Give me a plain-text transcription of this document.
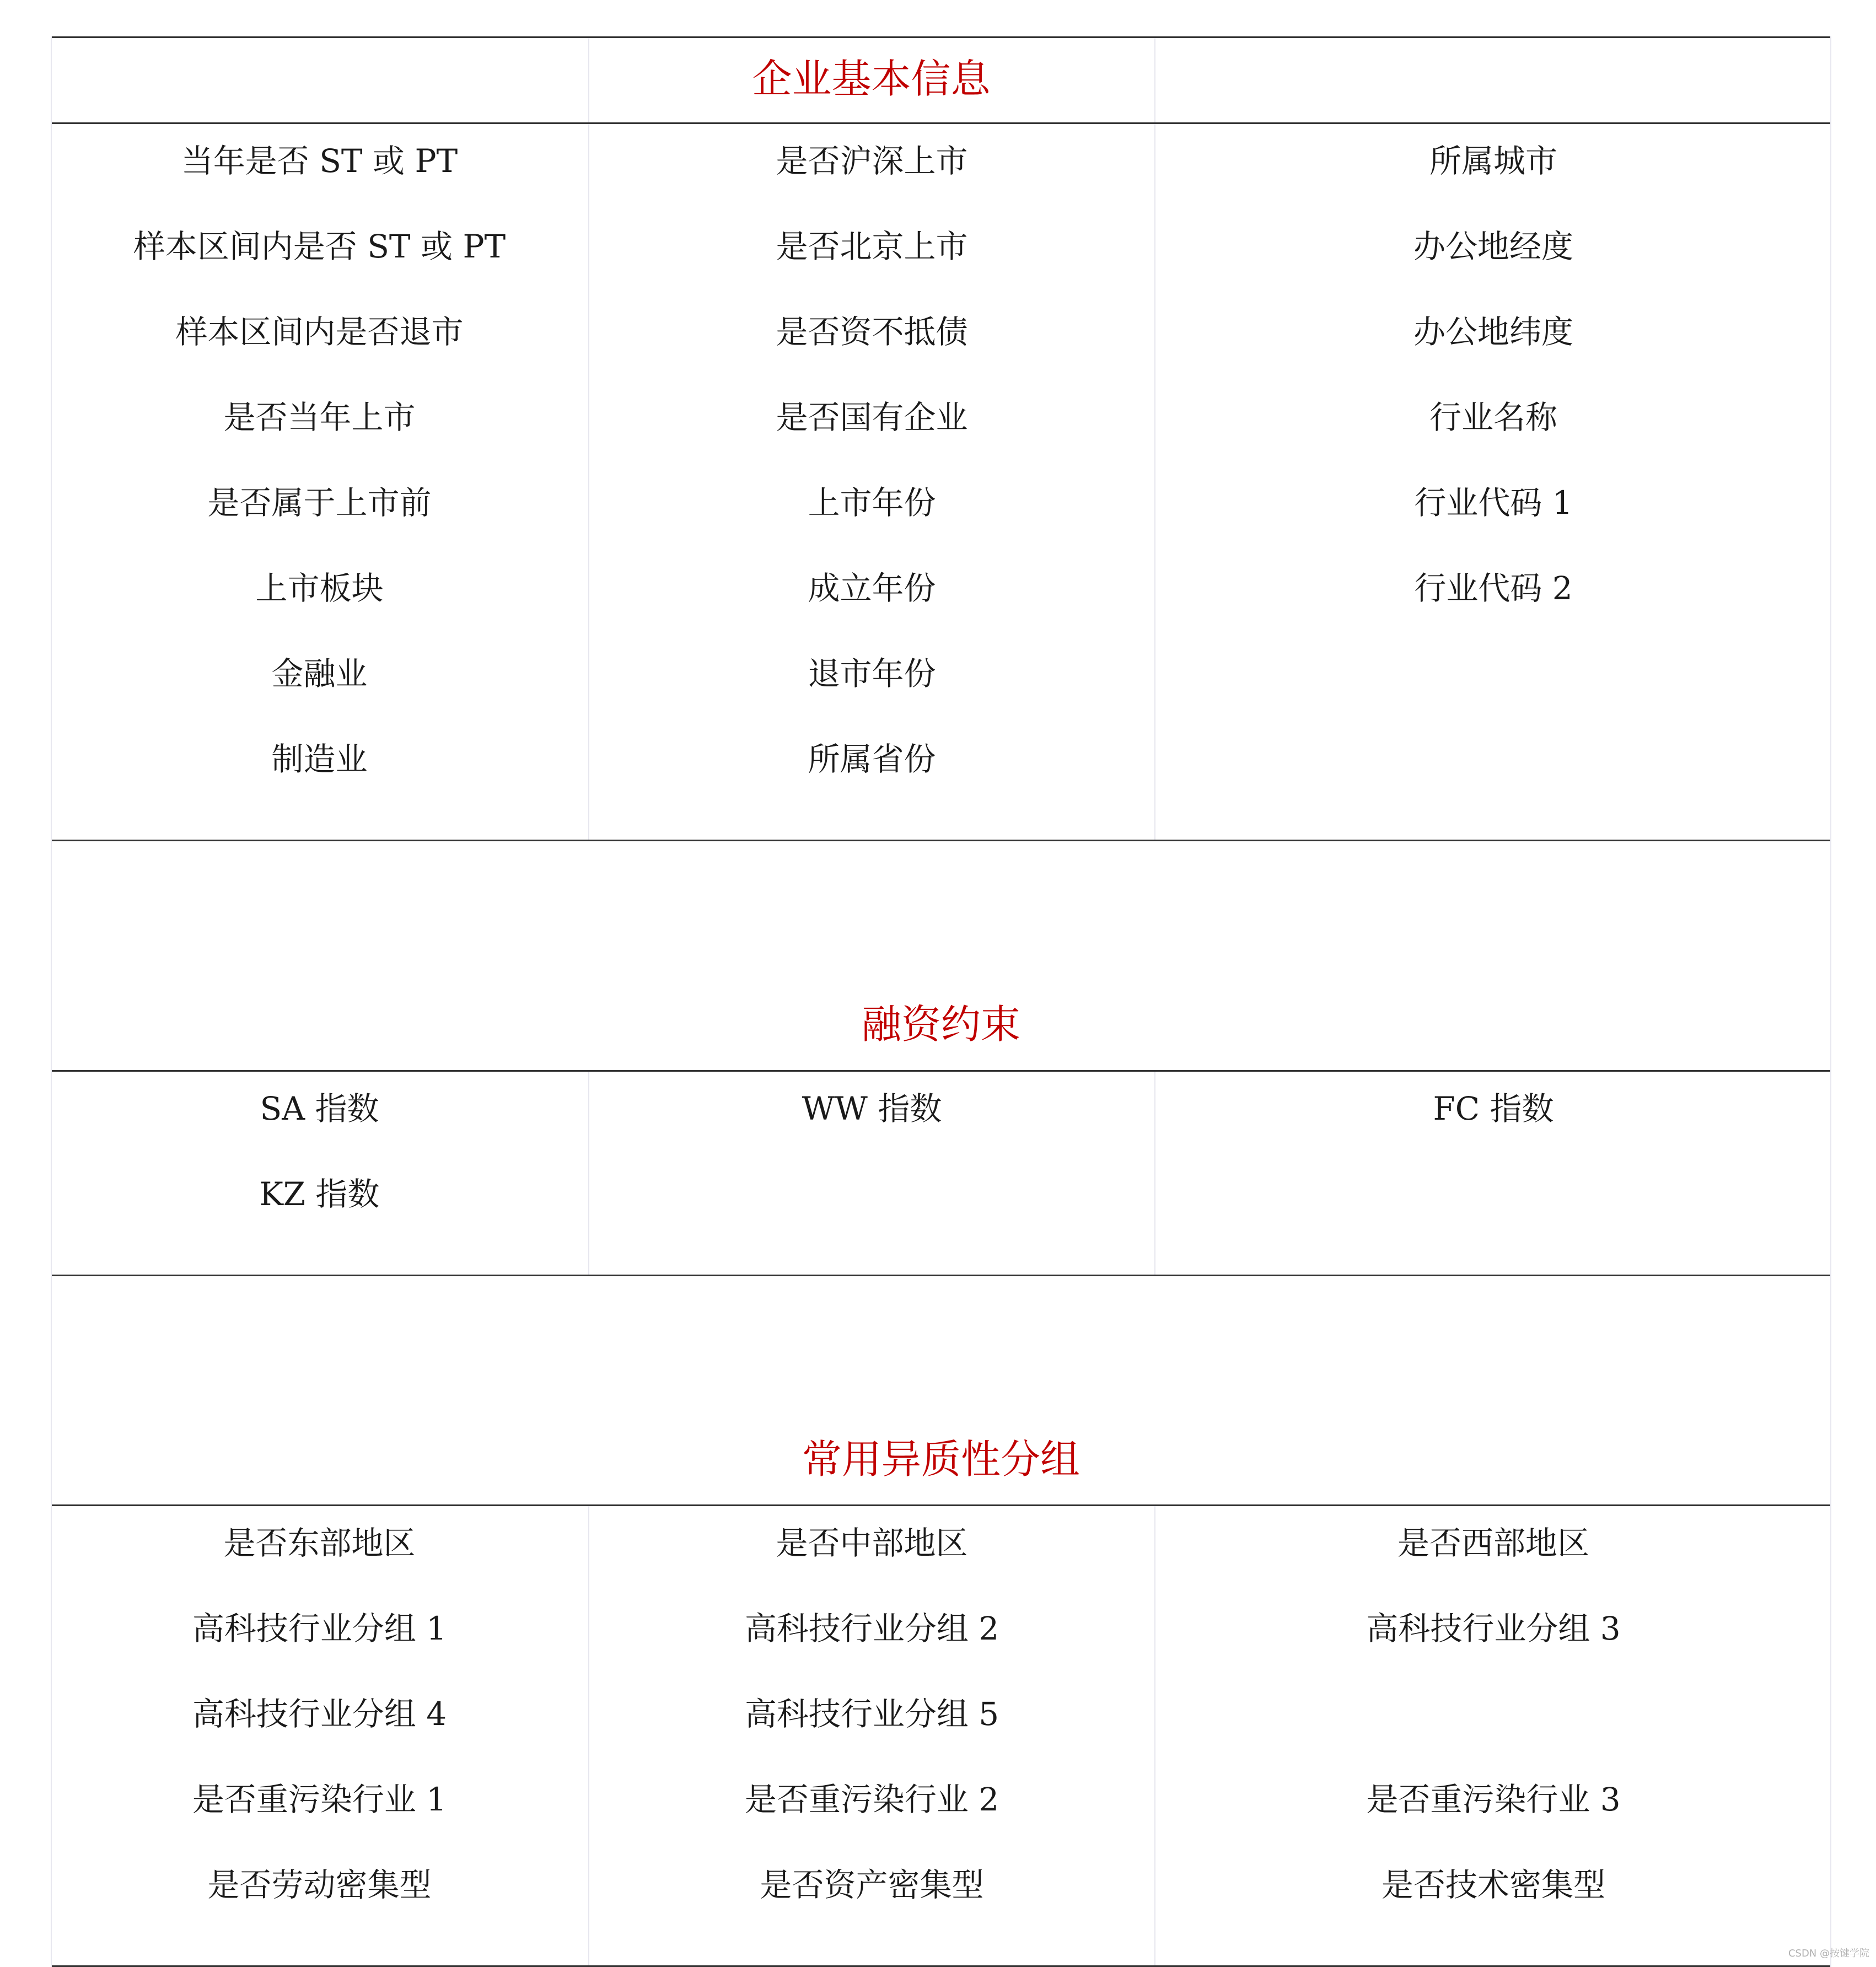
企业基本信息
当年是否 ST 或 PT
样本区间内是否 ST 或 PT
样本区间内是否退市
是否当年上市
是否属于上市前
上市板块
金融业
制造业
是否沪深上市
是否北京上市
是否资不抵债
是否国有企业
上市年份
成立年份
退市年份
所属省份
所属城市
办公地经度
办公地纬度
行业名称
行业代码 1
行业代码 2
融资约束
SA 指数
KZ 指数
WW 指数	FC 指数
常用异质性分组
是否东部地区
高科技行业分组 1
高科技行业分组 4
是否重污染行业 1
是否劳动密集型
是否中部地区
高科技行业分组 2
高科技行业分组 5
是否重污染行业 2
是否资产密集型
是否西部地区
高科技行业分组 3
是否重污染行业 3
是否技术密集型
CSDN @按键学院
